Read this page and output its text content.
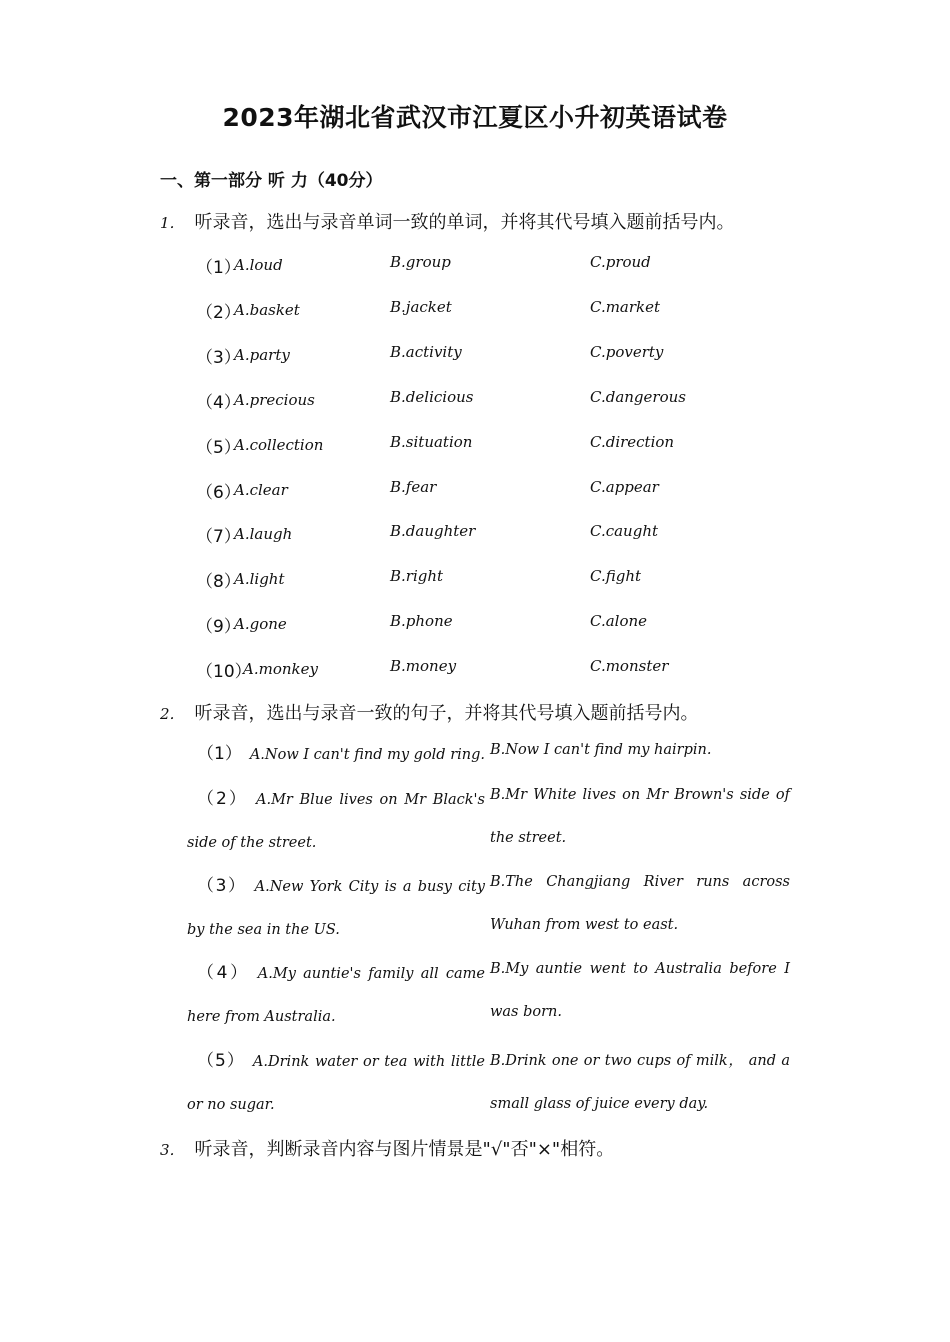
2023年湖北省武汉市江夏区小升初英语试卷
一、第一部分 听 力（40分）
1． 听录音，选出与录音单词一致的单词，并将其代号填入题前括号内。
（1）
A.loud	B.group	C.proud
（2）
A.basket	B.jacket	C.market
（3）
A.party	B.activity	C.poverty
（4）
A.precious	B.delicious	C.dangerous
（5）
A.collection	B.situation	C.direction
（6）
A.clear	B.fear	C.appear
（7）
A.laugh	B.daughter	C.caught
（8）
A.light	B.right	C.fight
（9）
A.gone	B.phone	C.alone
（10）
A.monkey	B.money	C.monster
2． 听录音，选出与录音一致的句子，并将其代号填入题前括号内。
（1） A.Now I can't find my gold ring. B.Now I can't find my hairpin.
（2） A.Mr Blue lives on Mr Black's side of the street.
B.Mr White lives on Mr Brown's side of the street.
（3） A.New York City is a busy city by the sea in the US.
B.The Changjiang River runs across Wuhan from west to east.
（4） A.My auntie's family all came here from Australia.
B.My auntie went to Australia before I was born.
（5） A.Drink water or tea with little or no sugar.
B.Drink one or two cups of milk， and a small glass of juice every day.
3． 听录音，判断录音内容与图片情景是"√"否"×"相符。
